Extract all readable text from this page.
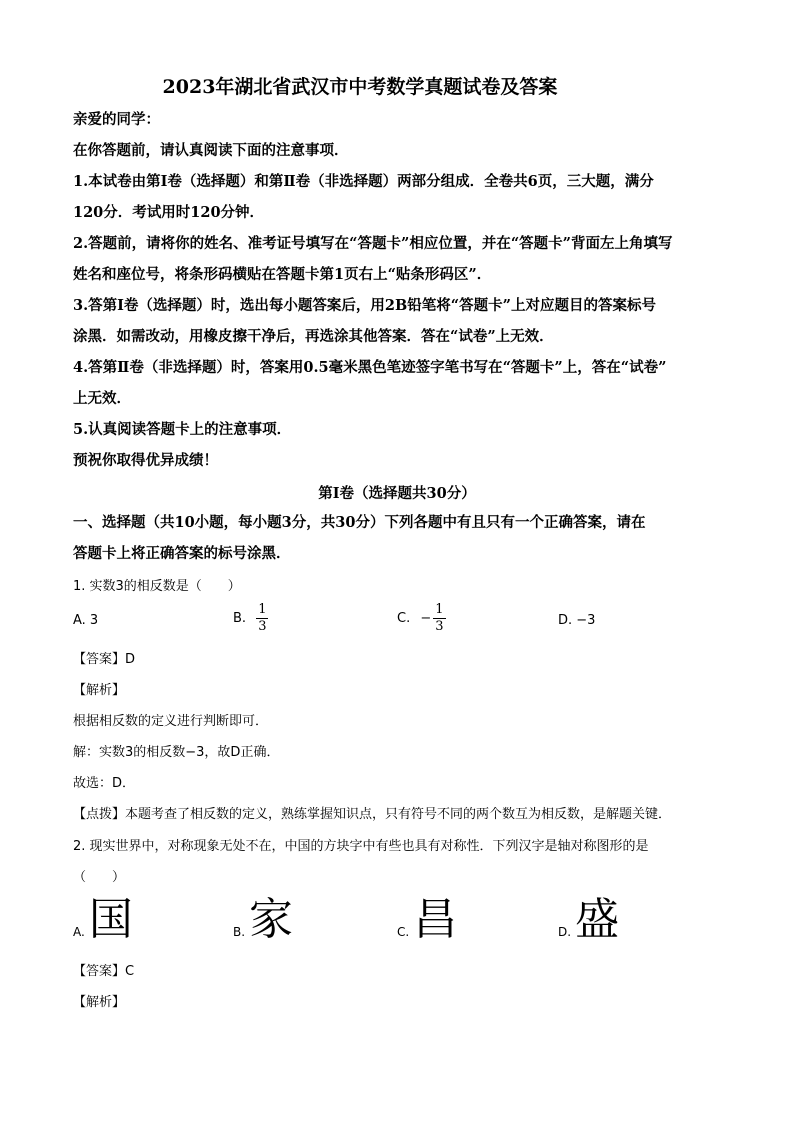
2023年湖北省武汉市中考数学真题试卷及答案
亲爱的同学：
在你答题前，请认真阅读下面的注意事项．
1.本试卷由第Ⅰ卷（选择题）和第Ⅱ卷（非选择题）两部分组成．全卷共6页，三大题，满分
120分．考试用时120分钟．
2.答题前，请将你的姓名、准考证号填写在“答题卡”相应位置，并在“答题卡”背面左上角填写
姓名和座位号，将条形码横贴在答题卡第1页右上“贴条形码区”．
3.答第Ⅰ卷（选择题）时，选出每小题答案后，用2B铅笔将“答题卡”上对应题目的答案标号
涂黑．如需改动，用橡皮擦干净后，再选涂其他答案．答在“试卷”上无效．
4.答第Ⅱ卷（非选择题）时，答案用0.5毫米黑色笔迹签字笔书写在“答题卡”上，答在“试卷”
上无效．
5.认真阅读答题卡上的注意事项．
预祝你取得优异成绩！
第Ⅰ卷（选择题共30分）
一、选择题（共10小题，每小题3分，共30分）下列各题中有且只有一个正确答案，请在
答题卡上将正确答案的标号涂黑．
1. 实数3的相反数是（　　）
A. 3	B. $\frac{1}{3}$	C. − $\frac{1}{3}$	D. −3
【答案】D
【解析】
根据相反数的定义进行判断即可．
解：实数3的相反数−3，故D正确．
故选：D．
【点拨】本题考查了相反数的定义，熟练掌握知识点，只有符号不同的两个数互为相反数，是解题关键．
2. 现实世界中，对称现象无处不在，中国的方块字中有些也具有对称性．下列汉字是轴对称图形的是
（　　）
A. 国	B. 家	C. 昌	D. 盛
【答案】C
【解析】
